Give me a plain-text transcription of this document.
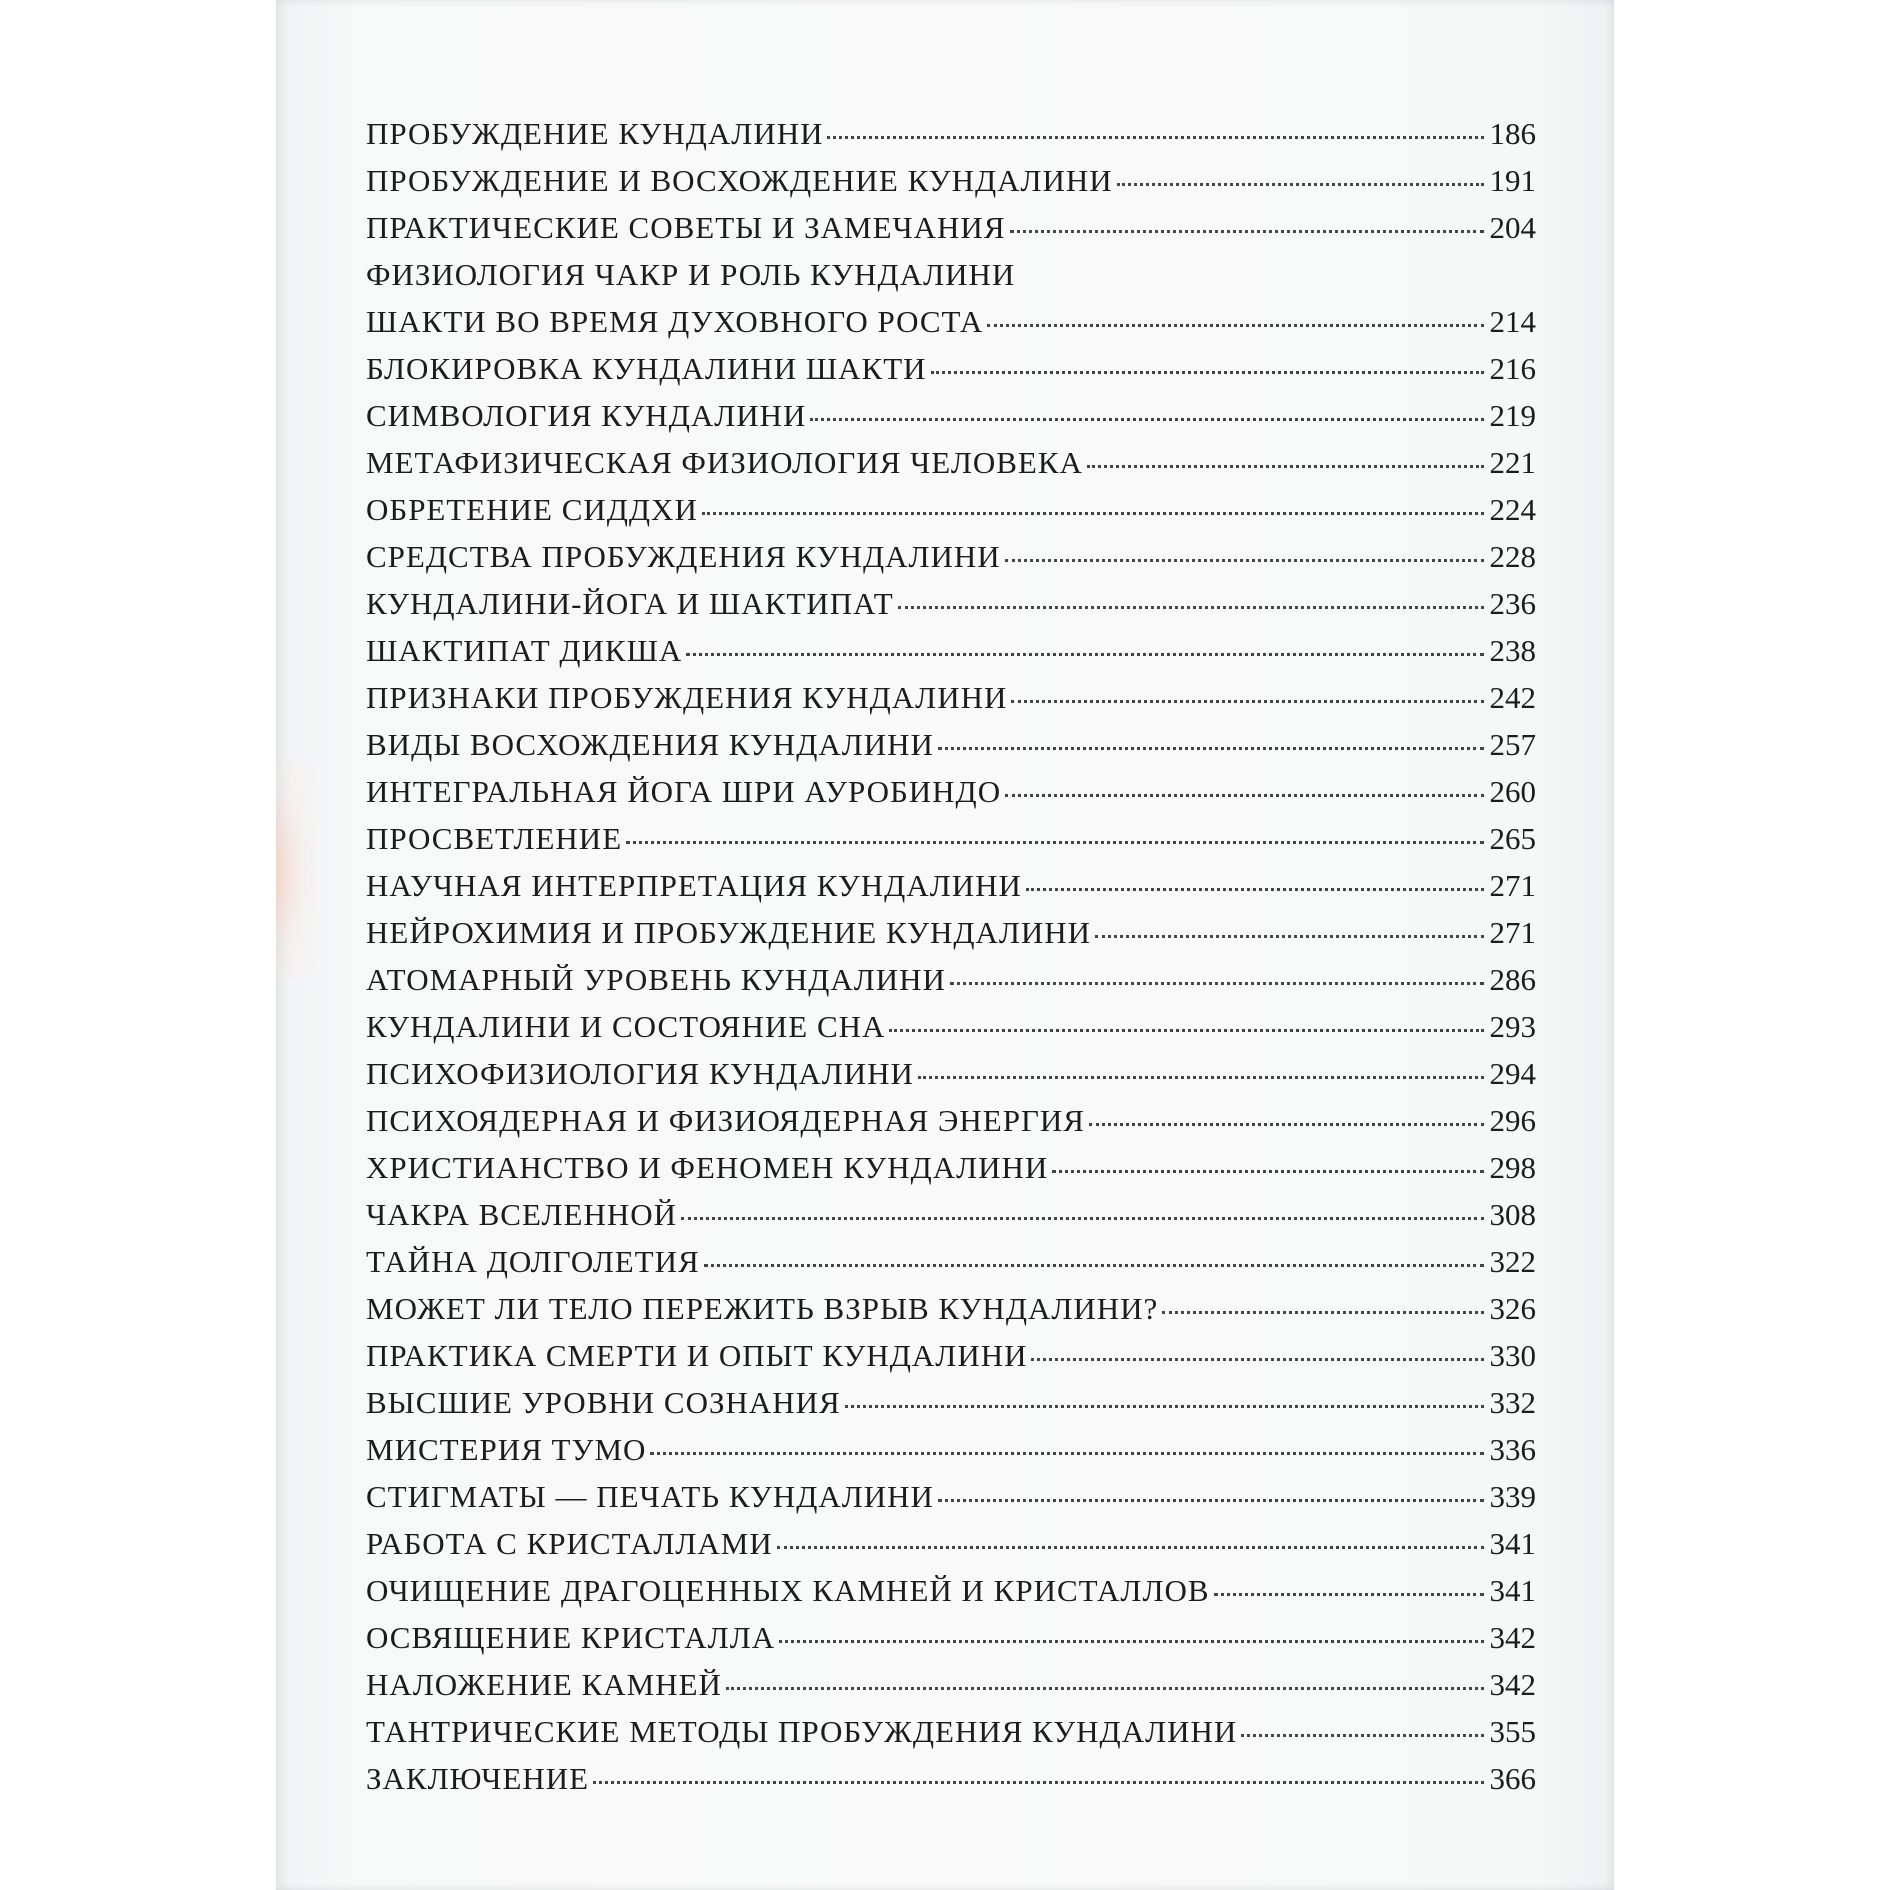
ПРОБУЖДЕНИЕ КУНДАЛИНИ	186
ПРОБУЖДЕНИЕ И ВОСХОЖДЕНИЕ КУНДАЛИНИ	191
ПРАКТИЧЕСКИЕ СОВЕТЫ И ЗАМЕЧАНИЯ	204
ФИЗИОЛОГИЯ ЧАКР И РОЛЬ КУНДАЛИНИ
ШАКТИ ВО ВРЕМЯ ДУХОВНОГО РОСТА	214
БЛОКИРОВКА КУНДАЛИНИ ШАКТИ	216
СИМВОЛОГИЯ КУНДАЛИНИ	219
МЕТАФИЗИЧЕСКАЯ ФИЗИОЛОГИЯ ЧЕЛОВЕКА	221
ОБРЕТЕНИЕ СИДДХИ	224
СРЕДСТВА ПРОБУЖДЕНИЯ КУНДАЛИНИ	228
КУНДАЛИНИ-ЙОГА И ШАКТИПАТ	236
ШАКТИПАТ ДИКША	238
ПРИЗНАКИ ПРОБУЖДЕНИЯ КУНДАЛИНИ	242
ВИДЫ ВОСХОЖДЕНИЯ КУНДАЛИНИ	257
ИНТЕГРАЛЬНАЯ ЙОГА ШРИ АУРОБИНДО	260
ПРОСВЕТЛЕНИЕ	265
НАУЧНАЯ ИНТЕРПРЕТАЦИЯ КУНДАЛИНИ	271
НЕЙРОХИМИЯ И ПРОБУЖДЕНИЕ КУНДАЛИНИ	271
АТОМАРНЫЙ УРОВЕНЬ КУНДАЛИНИ	286
КУНДАЛИНИ И СОСТОЯНИЕ СНА	293
ПСИХОФИЗИОЛОГИЯ КУНДАЛИНИ	294
ПСИХОЯДЕРНАЯ И ФИЗИОЯДЕРНАЯ ЭНЕРГИЯ	296
ХРИСТИАНСТВО И ФЕНОМЕН КУНДАЛИНИ	298
ЧАКРА ВСЕЛЕННОЙ	308
ТАЙНА ДОЛГОЛЕТИЯ	322
МОЖЕТ ЛИ ТЕЛО ПЕРЕЖИТЬ ВЗРЫВ КУНДАЛИНИ?	326
ПРАКТИКА СМЕРТИ И ОПЫТ КУНДАЛИНИ	330
ВЫСШИЕ УРОВНИ СОЗНАНИЯ	332
МИСТЕРИЯ ТУМО	336
СТИГМАТЫ — ПЕЧАТЬ КУНДАЛИНИ	339
РАБОТА С КРИСТАЛЛАМИ	341
ОЧИЩЕНИЕ ДРАГОЦЕННЫХ КАМНЕЙ И КРИСТАЛЛОВ	341
ОСВЯЩЕНИЕ КРИСТАЛЛА	342
НАЛОЖЕНИЕ КАМНЕЙ	342
ТАНТРИЧЕСКИЕ МЕТОДЫ ПРОБУЖДЕНИЯ КУНДАЛИНИ	355
ЗАКЛЮЧЕНИЕ	366
